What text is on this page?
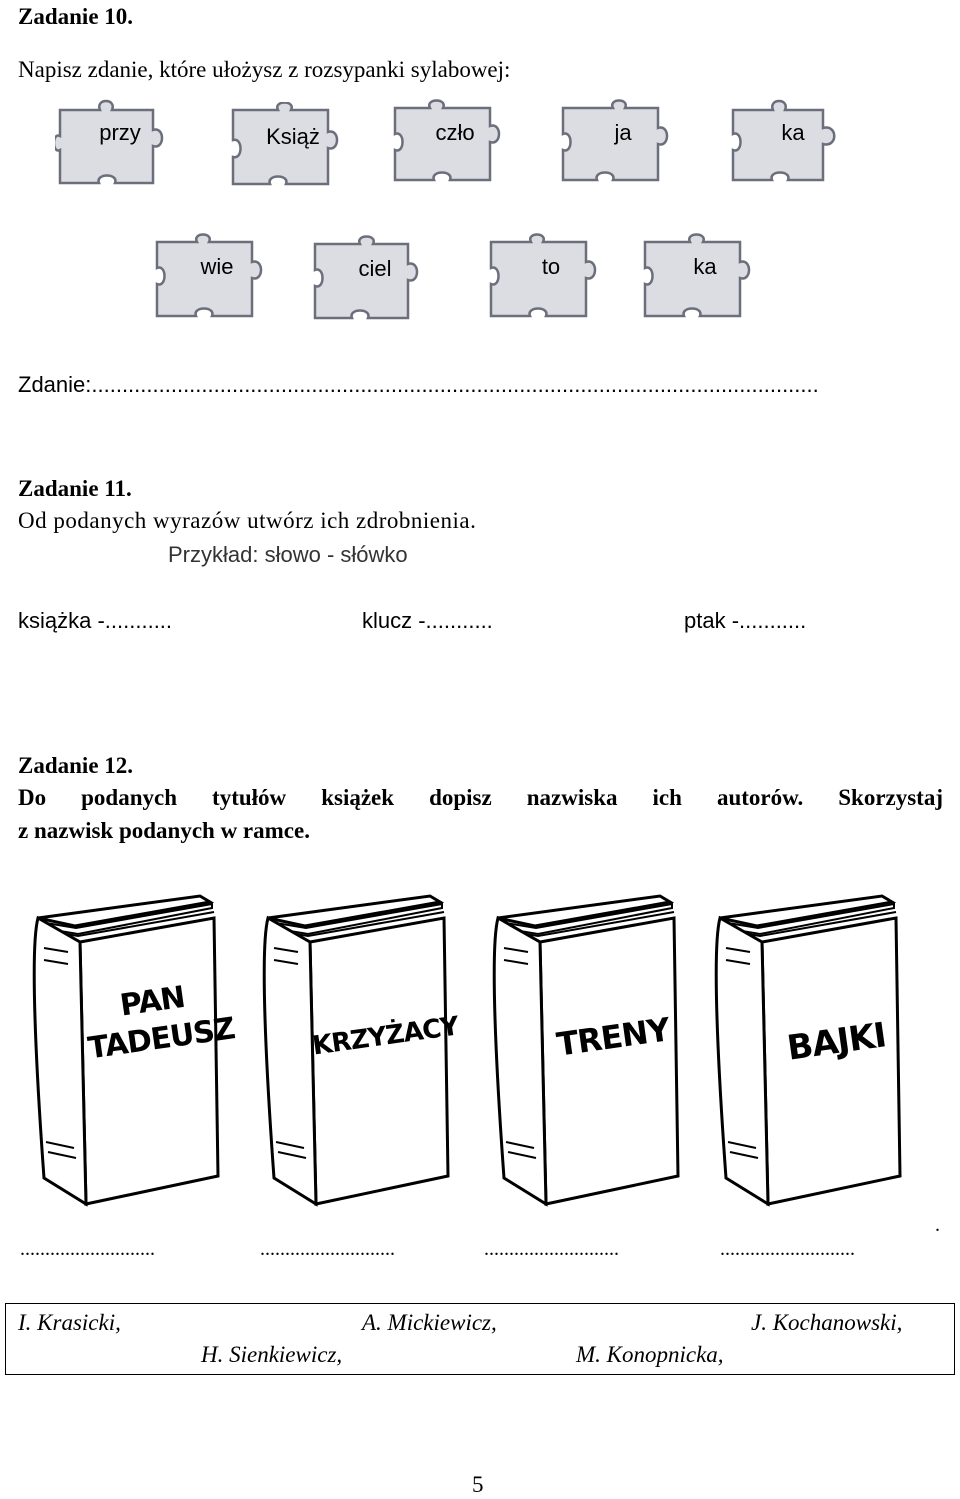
Zadanie 10.
Napisz zdanie, które ułożysz z rozsypanki sylabowej:
przy	Książ	czło	ja	ka
wie	ciel	to	ka
Zdanie:.......................................................................................................................
Zadanie 11.
Od podanych wyrazów utwórz ich zdrobnienia.
Przykład: słowo - słówko
książka -...........	klucz -...........	ptak -...........
Zadanie 12.
Do podanych tytułów książek dopisz nazwiska ich autorów. Skorzystaj
z nazwisk podanych w ramce.
PAN
TADEUSZ	KRZYŻACY	TRENY	BAJKI
.
...........................	...........................	...........................	...........................
I. Krasicki,	A. Mickiewicz,	J. Kochanowski,
H. Sienkiewicz,	M. Konopnicka,
5
